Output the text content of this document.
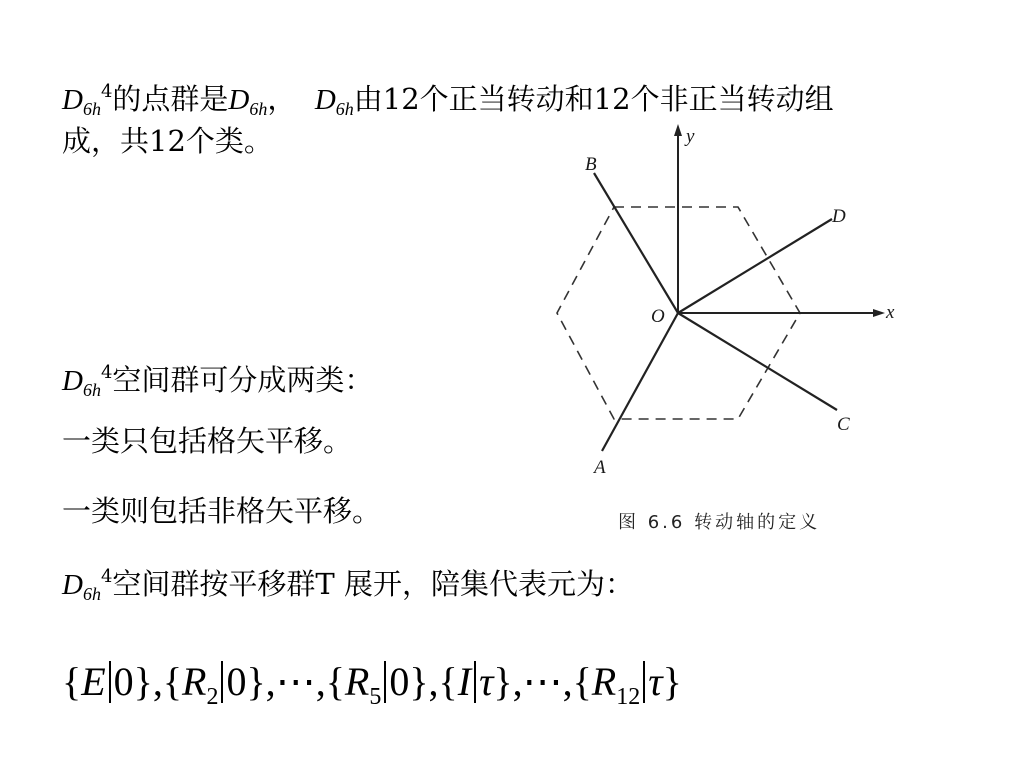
$D_{6h}^4$的点群是$D_{6h}$， $D_{6h}$由12个正当转动和12个非正当转动组
成，共12个类。
$D_{6h}^4$空间群可分成两类：
一类只包括格矢平移。
一类则包括非格矢平移。
$D_{6h}^4$空间群按平移群T 展开，陪集代表元为：
y
x
O
B
D
C
A
图 6.6 转动轴的定义
{E $0\},\{R_2$ $0\},\cdots,\{R_5$ 0},{I $\tau\},\cdots,\{R_{12}$ τ}
